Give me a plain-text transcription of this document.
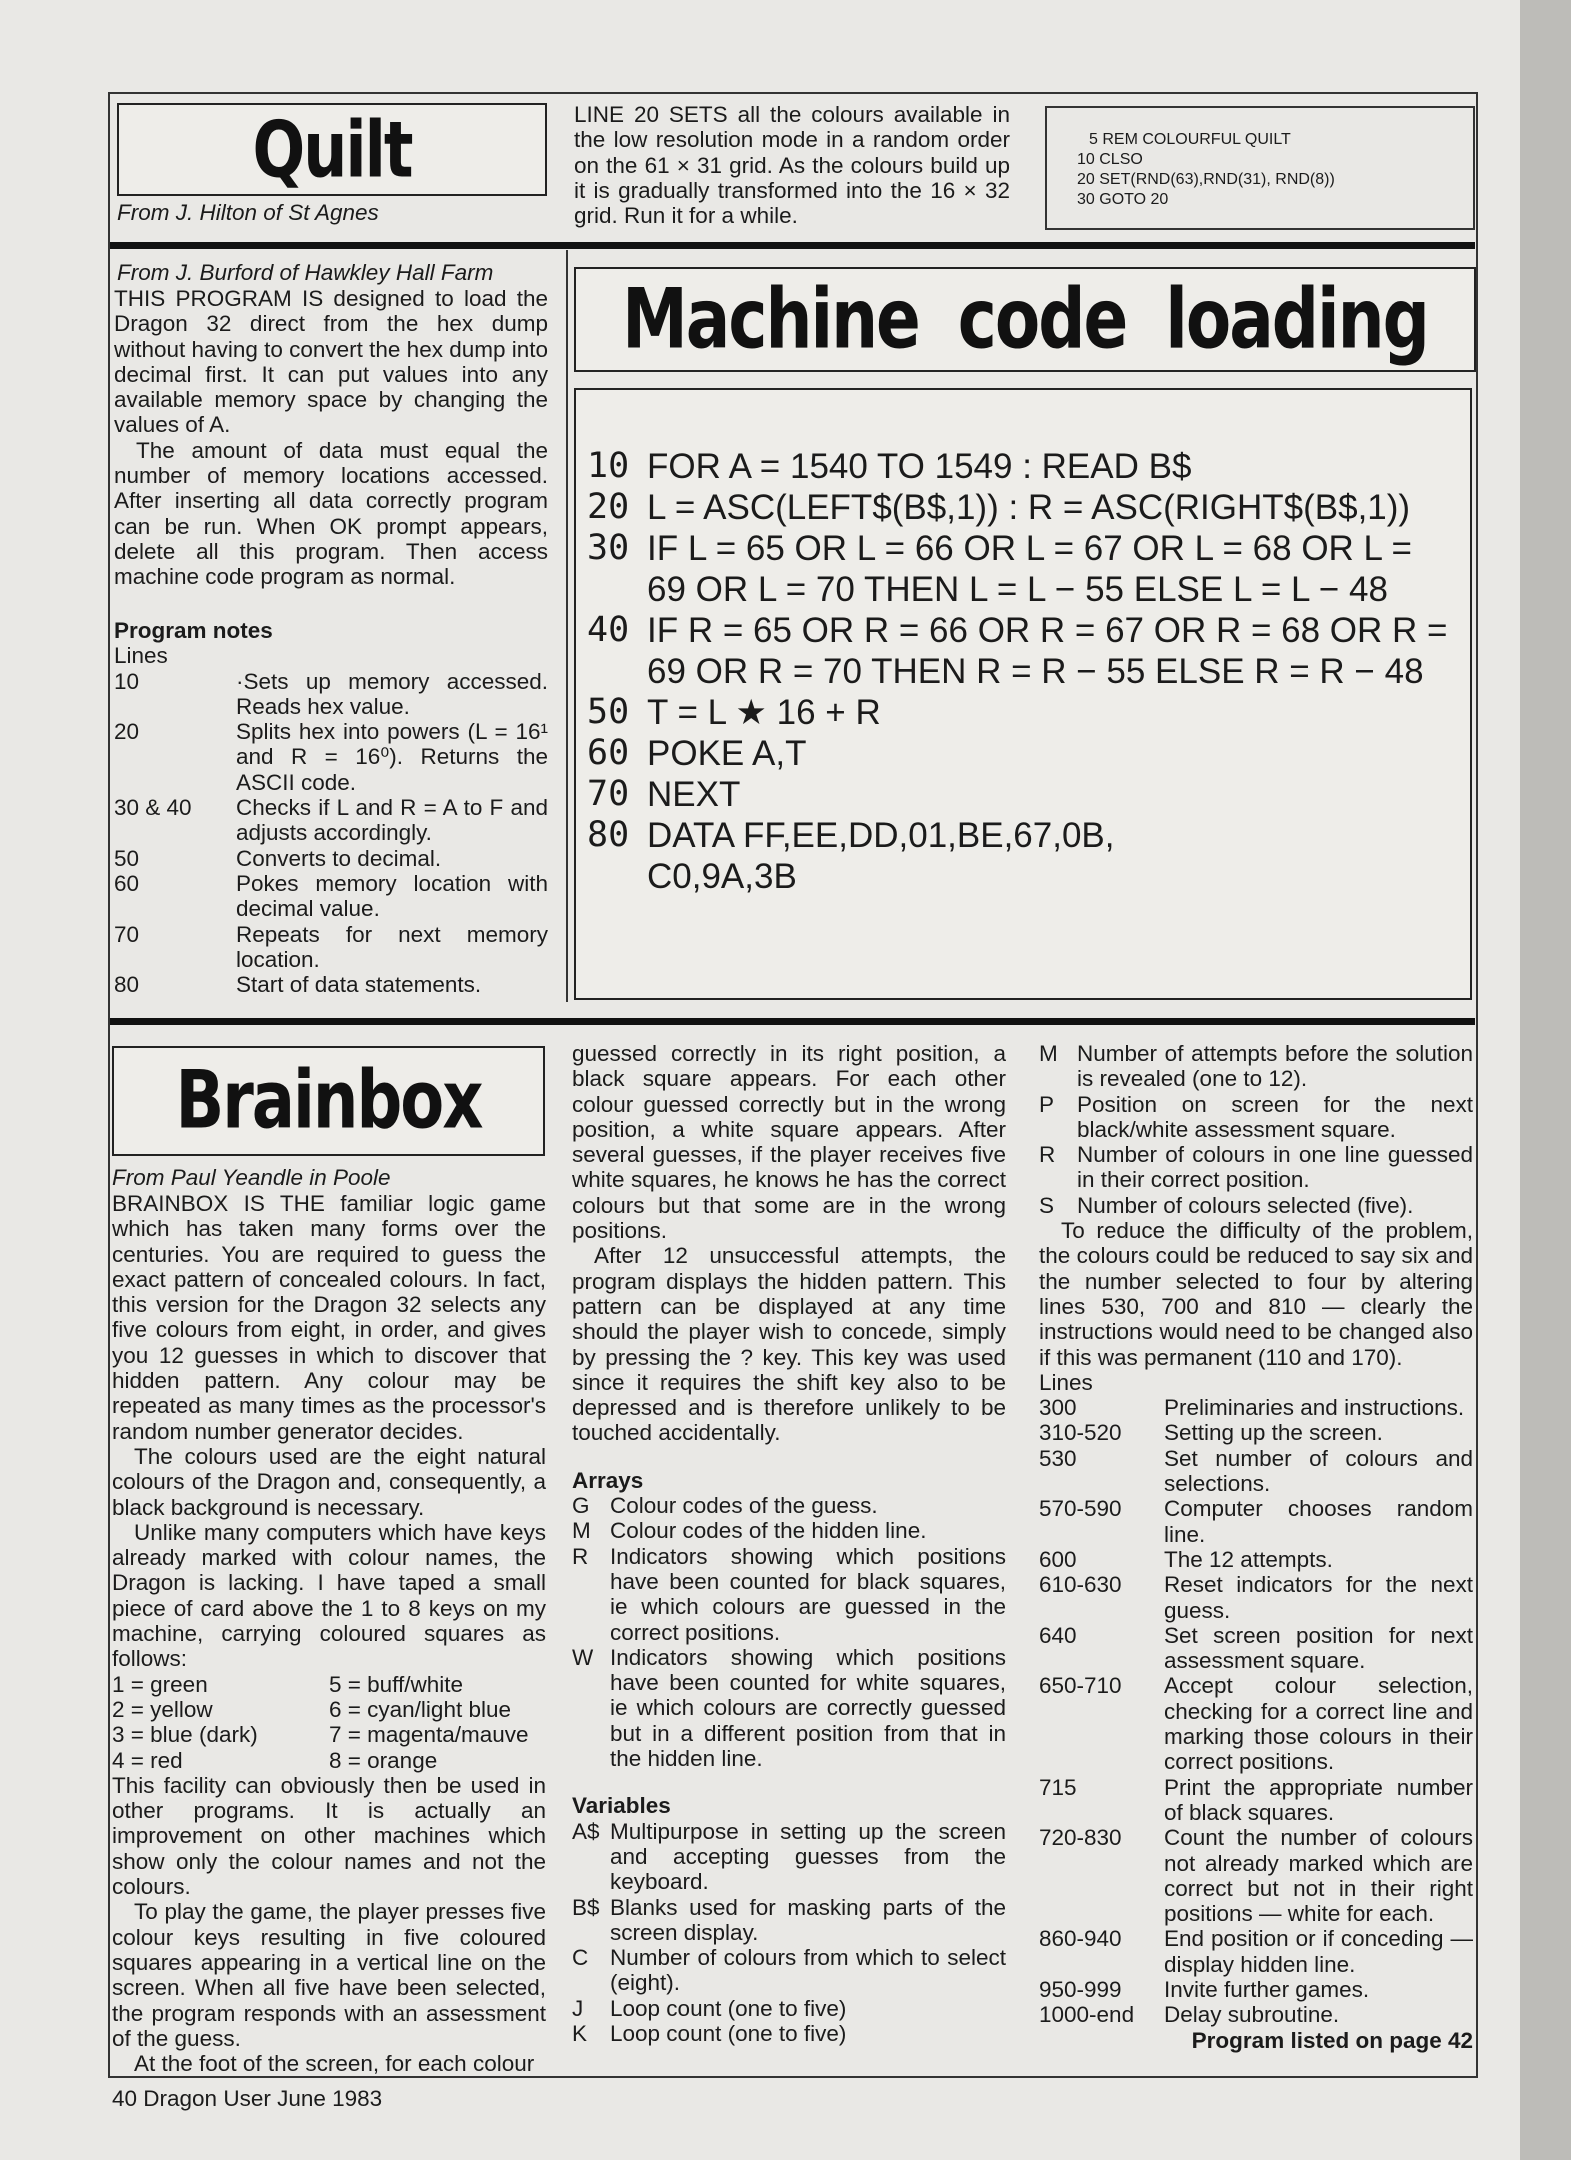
Quilt
From J. Hilton of St Agnes
LINE 20 SETS all the colours available in the low resolution mode in a random order on the 61 × 31 grid. As the colours build up it is gradually transformed into the 16 × 32 grid. Run it for a while.
5 REM COLOURFUL QUILT
10 CLSO
20 SET(RND(63),RND(31), RND(8))
30 GOTO 20
From J. Burford of Hawkley Hall Farm

THIS PROGRAM IS designed to load the Dragon 32 direct from the hex dump without having to convert the hex dump into decimal first. It can put values into any available memory space by changing the values of A.

The amount of data must equal the number of memory locations accessed. After inserting all data correctly program can be run. When OK prompt appears, delete all this program. Then access machine code program as normal.

Program notes
Lines
10	·Sets up memory accessed. Reads hex value.
20	Splits hex into powers (L = 16¹ and R = 16⁰). Returns the ASCII code.
30 & 40	Checks if L and R = A to F and adjusts accordingly.
50	Converts to decimal.
60	Pokes memory location with decimal value.
70	Repeats for next memory location.
80	Start of data statements.
Machine code loading
10 FOR A = 1540 TO 1549 : READ B$
20 L = ASC(LEFT$(B$,1)) : R = ASC(RIGHT$(B$,1))
30 IF L = 65 OR L = 66 OR L = 67 OR L = 68 OR L = 69 OR L = 70 THEN L = L − 55 ELSE L = L − 48
40 IF R = 65 OR R = 66 OR R = 67 OR R = 68 OR R = 69 OR R = 70 THEN R = R − 55 ELSE R = R − 48
50 T = L ★ 16 + R
60 POKE A,T
70 NEXT
80 DATA FF,EE,DD,01,BE,67,0B, C0,9A,3B
Brainbox
From Paul Yeandle in Poole

BRAINBOX IS THE familiar logic game which has taken many forms over the centuries. You are required to guess the exact pattern of concealed colours. In fact, this version for the Dragon 32 selects any five colours from eight, in order, and gives you 12 guesses in which to discover that hidden pattern. Any colour may be repeated as many times as the processor's random number generator decides.

The colours used are the eight natural colours of the Dragon and, consequently, a black background is necessary.

Unlike many computers which have keys already marked with colour names, the Dragon is lacking. I have taped a small piece of card above the 1 to 8 keys on my machine, carrying coloured squares as follows:

1 = green	5 = buff/white
2 = yellow	6 = cyan/light blue
3 = blue (dark)	7 = magenta/mauve
4 = red	8 = orange

This facility can obviously then be used in other programs. It is actually an improvement on other machines which show only the colour names and not the colours.

To play the game, the player presses five colour keys resulting in five coloured squares appearing in a vertical line on the screen. When all five have been selected, the program responds with an assessment of the guess.

At the foot of the screen, for each colour

guessed correctly in its right position, a black square appears. For each other colour guessed correctly but in the wrong position, a white square appears. After several guesses, if the player receives five white squares, he knows he has the correct colours but that some are in the wrong positions.

After 12 unsuccessful attempts, the program displays the hidden pattern. This pattern can be displayed at any time should the player wish to concede, simply by pressing the ? key. This key was used since it requires the shift key also to be depressed and is therefore unlikely to be touched accidentally.

Arrays
G Colour codes of the guess.
M Colour codes of the hidden line.
R Indicators showing which positions have been counted for black squares, ie which colours are guessed in the correct positions.
W Indicators showing which positions have been counted for white squares, ie which colours are correctly guessed but in a different position from that in the hidden line.
Variables
A$ Multipurpose in setting up the screen and accepting guesses from the keyboard.
B$ Blanks used for masking parts of the screen display.
C Number of colours from which to select (eight).
J	Loop count (one to five)
K	Loop count (one to five)
M Number of attempts before the solution is revealed (one to 12).
P	Position on screen for the next black/white assessment square.
R Number of colours in one line guessed in their correct position.
S	Number of colours selected (five).

To reduce the difficulty of the problem, the colours could be reduced to say six and the number selected to four by altering lines 530, 700 and 810 — clearly the instructions would need to be changed also if this was permanent (110 and 170).

Lines
300	Preliminaries and instructions.
310-520	Setting up the screen.
530	Set number of colours and selections.
570-590	Computer chooses random line.
600	The 12 attempts.
610-630	Reset indicators for the next guess.
640	Set screen position for next assessment square.
650-710	Accept colour selection, checking for a correct line and marking those colours in their correct positions.
715	Print the appropriate number of black squares.
720-830	Count the number of colours not already marked which are correct but not in their right positions — white for each.
860-940	End position or if conceding — display hidden line.
950-999	Invite further games.
1000-end	Delay subroutine.
Program listed on page 42
40 Dragon User June 1983
